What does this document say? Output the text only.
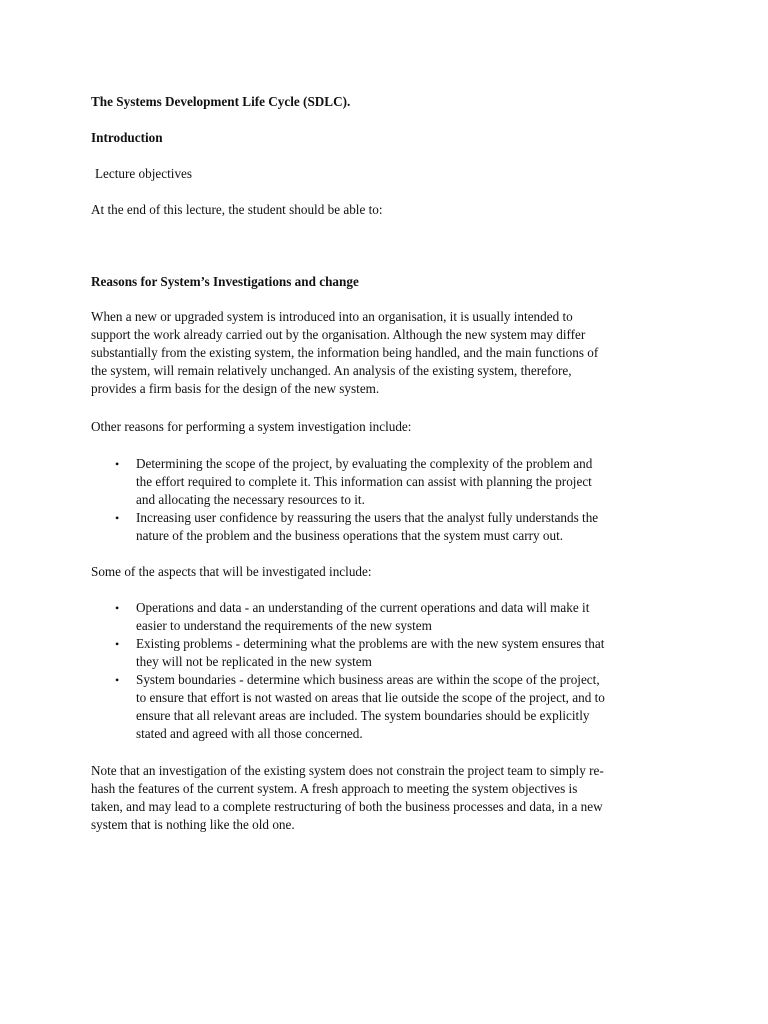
The Systems Development Life Cycle (SDLC).

Introduction

Lecture objectives

At the end of this lecture, the student should be able to:

Reasons for System’s Investigations and change

When a new or upgraded system is introduced into an organisation, it is usually intended to
support the work already carried out by the organisation. Although the new system may differ
substantially from the existing system, the information being handled, and the main functions of
the system, will remain relatively unchanged. An analysis of the existing system, therefore,
provides a firm basis for the design of the new system.

Other reasons for performing a system investigation include:

• Determining the scope of the project, by evaluating the complexity of the problem and
the effort required to complete it. This information can assist with planning the project
and allocating the necessary resources to it.
• Increasing user confidence by reassuring the users that the analyst fully understands the
nature of the problem and the business operations that the system must carry out.

Some of the aspects that will be investigated include:

• Operations and data - an understanding of the current operations and data will make it
easier to understand the requirements of the new system
• Existing problems - determining what the problems are with the new system ensures that
they will not be replicated in the new system
• System boundaries - determine which business areas are within the scope of the project,
to ensure that effort is not wasted on areas that lie outside the scope of the project, and to
ensure that all relevant areas are included. The system boundaries should be explicitly
stated and agreed with all those concerned.
Note that an investigation of the existing system does not constrain the project team to simply re-
hash the features of the current system. A fresh approach to meeting the system objectives is
taken, and may lead to a complete restructuring of both the business processes and data, in a new
system that is nothing like the old one.
